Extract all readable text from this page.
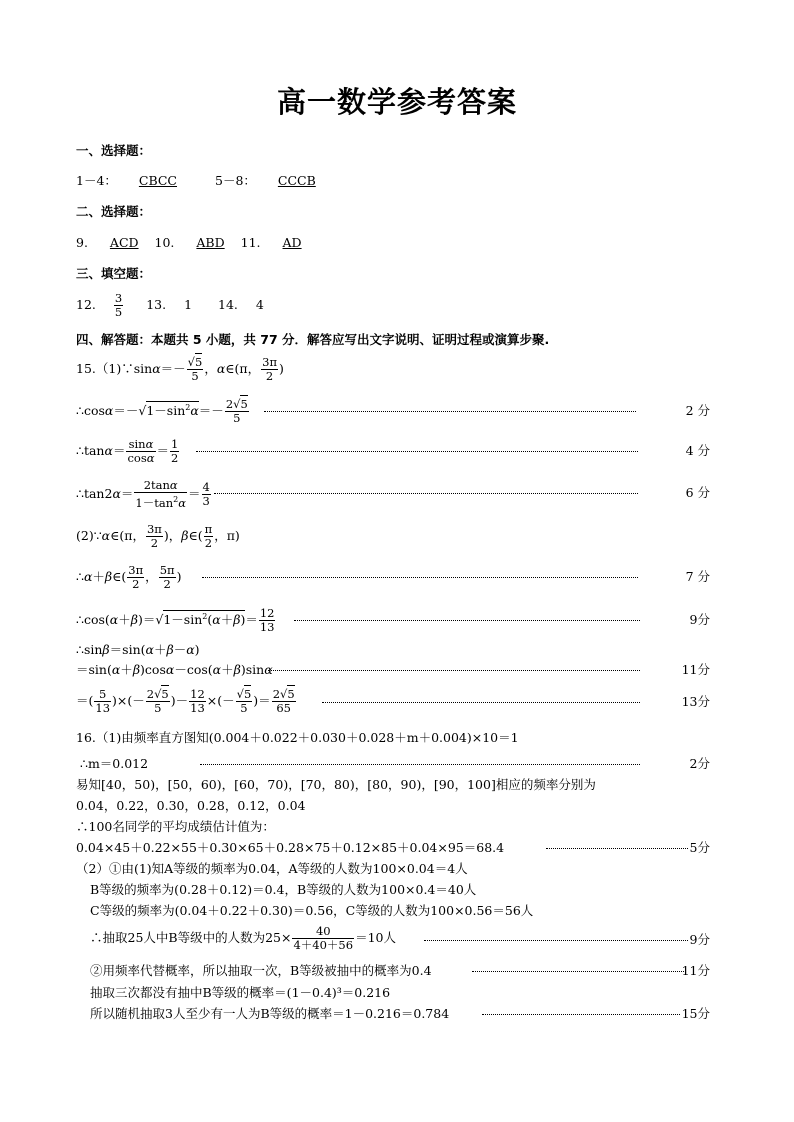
高一数学参考答案
一、选择题：
1－4： CBCC	5－8： CCCB
二、选择题：
9. ACD 10. ABD 11. AD
三、填空题：
12. $\frac{3}{5} 13$. 1 14. 4
四、解答题：本题共 5 小题，共 77 分．解答应写出文字说明、证明过程或演算步聚.
15.（1)∵sinα＝－ $\frac{√5}{5}$ ，α∈(π， $\frac{3\pi}{2}$ )
$\therefore\cos\alpha=-√1-\sin^2\alpha=- \frac{2√5}{5}$	2 分
∴tanα＝ $\frac{\sin\alpha}{\cos\alpha} = \frac{1}{2}$	4 分
∴tan2α＝ $\frac{2\tan\alpha}{1-\tan^2\alpha} = \frac{4}{3}$	6 分
(2)∵α∈(π， $\frac{3\pi}{2}$ )，β∈( $\frac{\pi}{2}$ ，π)
∴α＋β∈( $\frac{3\pi}{2}$ ， $\frac{5\pi}{2}$ )	7 分
$\therefore\cos(\alpha+\beta)=√1-\sin^2(\alpha+\beta)= \frac{12}{13}$	9分
∴sinβ＝sin(α＋β－α)
＝sin(α＋β)cosα－cos(α＋β)sinα	11分
＝( $\frac{5}{13}$ )×(－ $\frac{2√5}{5}$ )－ $\frac{12}{13}$ ×(－ $\frac{√5}{5}$ )＝ $\frac{2√5}{65}$	13分
16.（1)由频率直方图知(0.004＋0.022＋0.030＋0.028＋m＋0.004)×10＝1
∴m＝0.012	2分
易知[40，50)，[50，60)，[60，70)，[70，80)，[80，90)，[90，100]相应的频率分别为
0.04，0.22，0.30，0.28，0.12，0.04
∴100名同学的平均成绩估计值为：
0.04×45＋0.22×55＋0.30×65＋0.28×75＋0.12×85＋0.04×95＝68.4	5分
（2）①由(1)知A等级的频率为0.04，A等级的人数为100×0.04＝4人
B等级的频率为(0.28＋0.12)＝0.4，B等级的人数为100×0.4＝40人
C等级的频率为(0.04＋0.22＋0.30)＝0.56，C等级的人数为100×0.56＝56人
∴抽取25人中B等级中的人数为$25\times \frac{40}{4+40+56} =10$人	9分
②用频率代替概率，所以抽取一次，B等级被抽中的概率为0.4	11分
抽取三次都没有抽中B等级的概率＝(1－0.4)³＝0.216
所以随机抽取3人至少有一人为B等级的概率＝1－0.216＝0.784	15分
